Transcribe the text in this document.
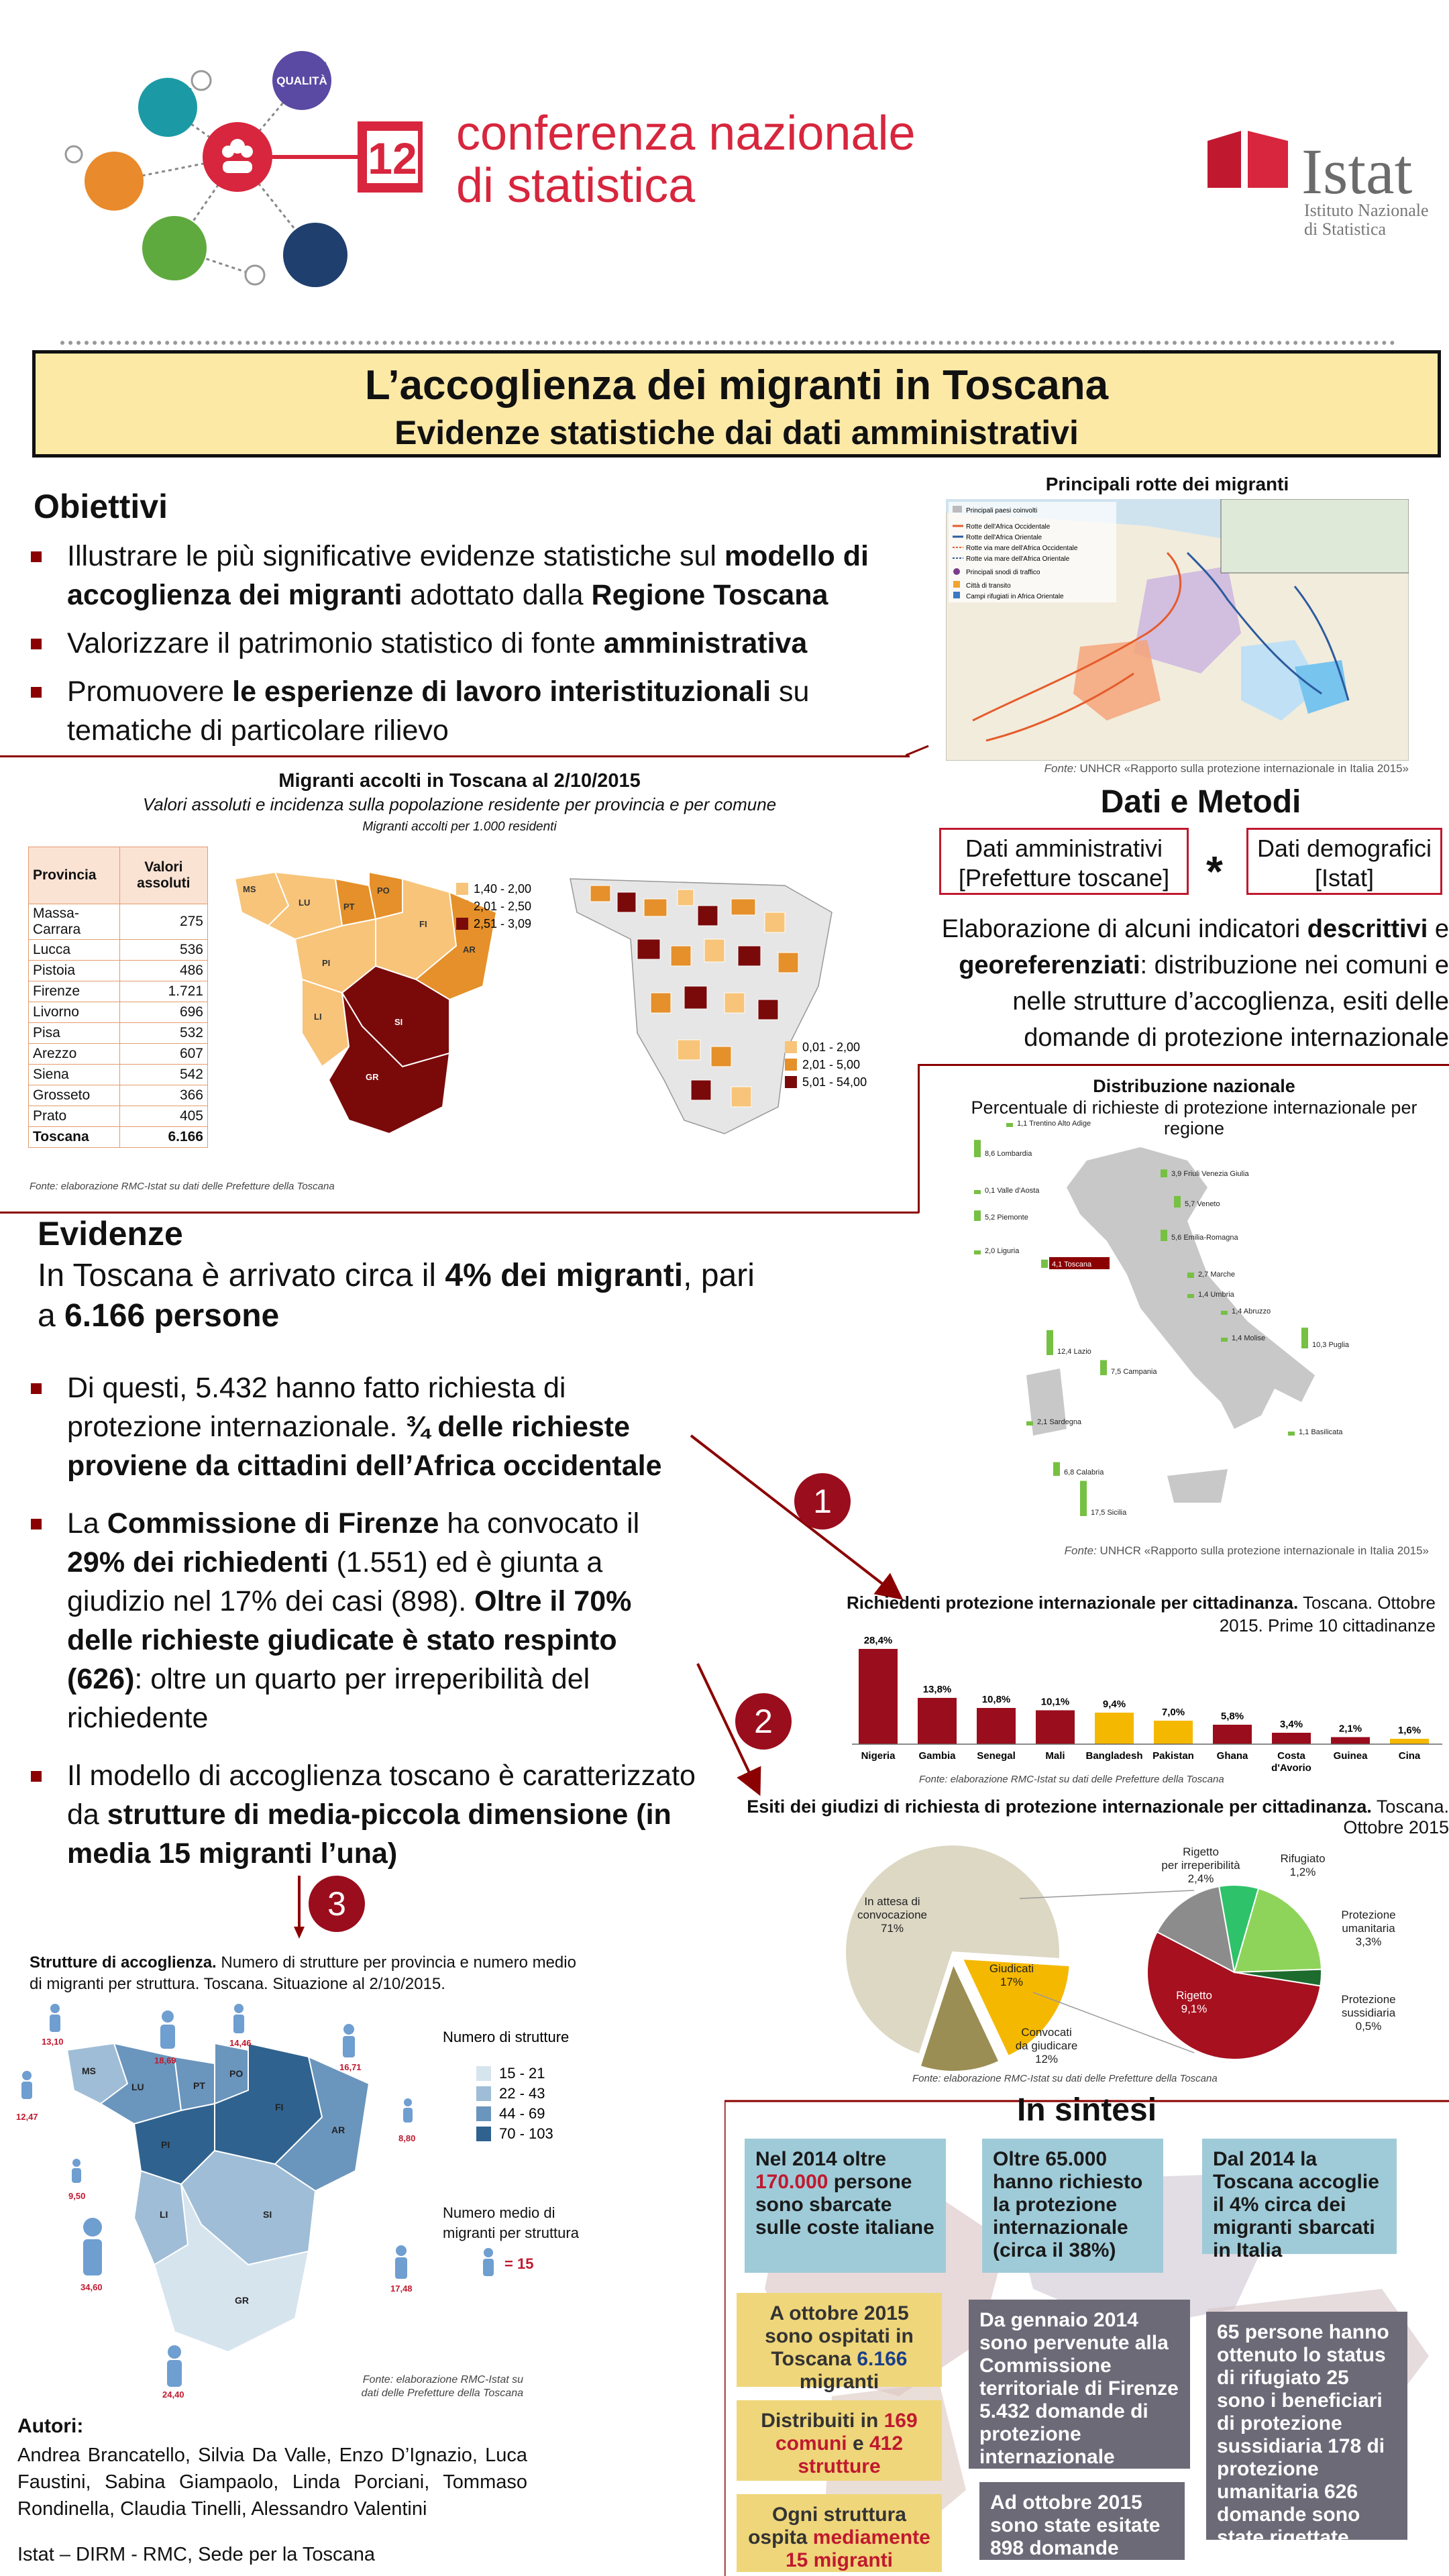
QUALITÀ
12 conferenza nazionale
di statistica	Istat
Istituto Nazionale
di Statistica
L’accoglienza dei migranti in Toscana
Evidenze statistiche dai dati amministrativi
Obiettivi
Illustrare le più significative evidenze statistiche sul modello di accoglienza dei migranti adottato dalla Regione Toscana
Valorizzare il patrimonio statistico di fonte amministrativa
Promuovere le esperienze di lavoro interistituzionali su tematiche di particolare rilievo
Principali rotte dei migranti
Principali paesi coinvolti
Rotte dell'Africa Occidentale
Rotte dell'Africa Orientale
Rotte via mare dell'Africa Occidentale
Rotte via mare dell'Africa Orientale
Principali snodi di traffico
Città di transito
Campi rifugiati in Africa Orientale
Fonte: UNHCR «Rapporto sulla protezione internazionale in Italia 2015»
Migranti accolti in Toscana al 2/10/2015
Valori assoluti e incidenza sulla popolazione residente per provincia e per comune
Migranti accolti per 1.000 residenti
Provincia	Valori assoluti
Massa-Carrara	275
Lucca	536
Pistoia	486
Firenze	1.721
Livorno	696
Pisa	532
Arezzo	607
Siena	542
Grosseto	366
Prato	405
Toscana	6.166
MS
LU	PT
PO
FI
PI
LI
AR
SI
GR
1,40 - 2,00
2,01 - 2,50
2,51 - 3,09
0,01 - 2,00
2,01 - 5,00
5,01 - 54,00
Fonte: elaborazione RMC-Istat su dati delle Prefetture della Toscana
Dati e Metodi
Dati amministrativi [Prefetture toscane] *	Dati demografici [Istat]
Elaborazione di alcuni indicatori descrittivi e georeferenziati: distribuzione nei comuni e nelle strutture d’accoglienza, esiti delle domande di protezione internazionale
Distribuzione nazionale
Percentuale di richieste di protezione internazionale per regione
1,1 Trentino Alto Adige
8,6 Lombardia
0,1 Valle d'Aosta
5,2 Piemonte
2,0 Liguria
4,1 Toscana
3,9 Friuli Venezia Giulia
5,7 Veneto
5,6 Emilia-Romagna
2,7 Marche
1,4 Umbria
1,4 Abruzzo
1,4 Molise
12,4 Lazio
7,5 Campania
10,3 Puglia
1,1 Basilicata
2,1 Sardegna
6,8 Calabria
17,5 Sicilia
Fonte: UNHCR «Rapporto sulla protezione internazionale in Italia 2015»
Evidenze
In Toscana è arrivato circa il 4% dei migranti, pari a 6.166 persone
Di questi, 5.432 hanno fatto richiesta di protezione internazionale. ¾ delle richieste proviene da cittadini dell’Africa occidentale
La Commissione di Firenze ha convocato il 29% dei richiedenti (1.551) ed è giunta a giudizio nel 17% dei casi (898). Oltre il 70% delle richieste giudicate è stato respinto (626): oltre un quarto per irreperibilità del richiedente
Il modello di accoglienza toscano è caratterizzato da strutture di media-piccola dimensione (in media 15 migranti l’una)
1
2
3
Richiedenti protezione internazionale per cittadinanza. Toscana. Ottobre 2015. Prime 10 cittadinanze
28,4%
Nigeria
13,8%
Gambia
10,8%
Senegal
10,1%
Mali
9,4%
Bangladesh
7,0%
Pakistan
5,8%
Ghana
3,4%
Costa
d'Avorio
2,1%
Guinea
1,6%
Cina
Fonte: elaborazione RMC-Istat su dati delle Prefetture della Toscana
Esiti dei giudizi di richiesta di protezione internazionale per cittadinanza. Toscana. Ottobre 2015
In attesa di
convocazione
71%
Giudicati
17%
Convocati
da giudicare
12%
Rigetto
9,1%
Rigetto
per irreperibilità
2,4%
Rifugiato
1,2%
Protezione
umanitaria
3,3%
Protezione
sussidiaria
0,5%
Fonte: elaborazione RMC-Istat su dati delle Prefetture della Toscana
Strutture di accoglienza. Numero di strutture per provincia e numero medio di migranti per struttura. Toscana. Situazione al 2/10/2015.
MS
LU	PT
PO
FI
PI
LI
AR
SI
GR
13,10
18,69
14,46
16,71
12,47
8,80
9,50
34,60	17,48
24,40
Numero di strutture
15 - 21
22 - 43
44 - 69
70 - 103
Numero medio di migranti per struttura
= 15
Fonte: elaborazione RMC-Istat su dati delle Prefetture della Toscana
In sintesi
Nel 2014 oltre 170.000 persone sono sbarcate sulle coste italiane
Oltre 65.000 hanno richiesto la protezione internazionale (circa il 38%)
Dal 2014 la Toscana accoglie il 4% circa dei migranti sbarcati in Italia
A ottobre 2015 sono ospitati in Toscana 6.166 migranti
Distribuiti in 169 comuni e 412 strutture
Ogni struttura ospita mediamente 15 migranti
Da gennaio 2014 sono pervenute alla Commissione territoriale di Firenze 5.432 domande di protezione internazionale
Ad ottobre 2015 sono state esitate 898 domande
65 persone hanno ottenuto lo status di rifugiato 25 sono i beneficiari di protezione sussidiaria 178 di protezione umanitaria 626 domande sono state rigettate
Autori:
Andrea Brancatello, Silvia Da Valle, Enzo D’Ignazio, Luca Faustini, Sabina Giampaolo, Linda Porciani, Tommaso Rondinella, Claudia Tinelli, Alessandro Valentini
Istat – DIRM - RMC, Sede per la Toscana
